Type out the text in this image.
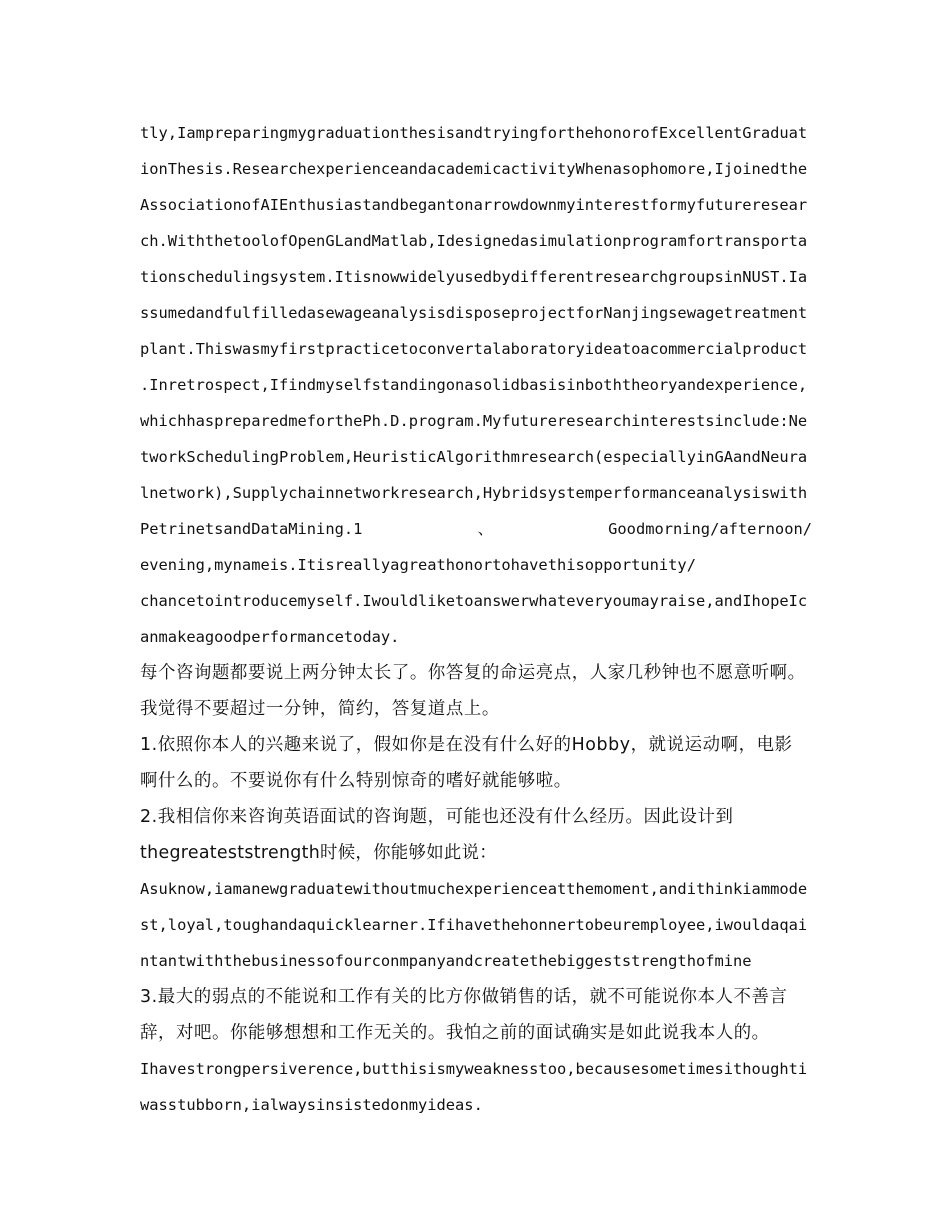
tly,Iampreparingmygraduationthesisandtryingforthehonorof​ExcellentGraduat
ionThesis.ResearchexperienceandacademicactivityWhenasophomore,Ijoinedthe
AssociationofAIEnthusiastandbegantonarrowdownmyinterestformyfutureresear
ch.WiththetoolofOpenGLandMatlab,Idesignedasimulationprogramfortransporta
tionschedulingsystem.ItisnowwidelyusedbydifferentresearchgroupsinNUST.Ia
ssumedandfulfilledasewageanalysisdisposeprojectforNanjingsewagetreatment
plant.Thiswasmyfirstpracticetoconvertalaboratoryideatoacommercialproduct
.Inretrospect,Ifindmyselfstandingonasolidbasisinboththeoryandexperience,
whichhaspreparedmeforthePh.D.program.Myfutureresearchinterestsinclude:Ne
tworkSchedulingProblem,HeuristicAlgorithmresearch(especiallyinGAandNeura
lnetwork),Supplychainnetworkresearch,Hybridsystemperformanceanalysiswith
PetrinetsandDataMining.1	、	Goodmorning/afternoon/
evening,mynameis.Itisreallyagreathonortohavethisopportunity/
chancetointroducemyself.Iwouldliketoanswerwhateveryoumayraise,andIhopeIc
anmakeagoodperformancetoday.
每个咨询题都要说上两分钟太长了。你答复的命运亮点，人家几秒钟也不愿意听啊。
我觉得不要超过一分钟，简约，答复道点上。
1.依照你本人的兴趣来说了，假如你是在没有什么好的Hobby，就说运动啊，电影
啊什么的。不要说你有什么特别惊奇的嗜好就能够啦。
2.我相信你来咨询英语面试的咨询题，可能也还没有什么经历。因此设计到
thegreateststrength时候，你能够如此说：
Asuknow,iamanewgraduatewithoutmuchexperienceatthemoment,andithinkiammode
st,loyal,toughandaquicklearner.Ifihavethehonnertobeuremployee,iwouldaqai
ntantwiththebusinessofourconmpanyandcreatethebiggeststrengthofmine
3.最大的弱点的不能说和工作有关的比方你做销售的话，就不可能说你本人不善言
辞，对吧。你能够想想和工作无关的。我怕之前的面试确实是如此说我本人的。
Ihavestrongpersiverence,butthisismyweaknesstoo,becausesometimesithoughti
wasstubborn,ialwaysinsistedonmyideas.
